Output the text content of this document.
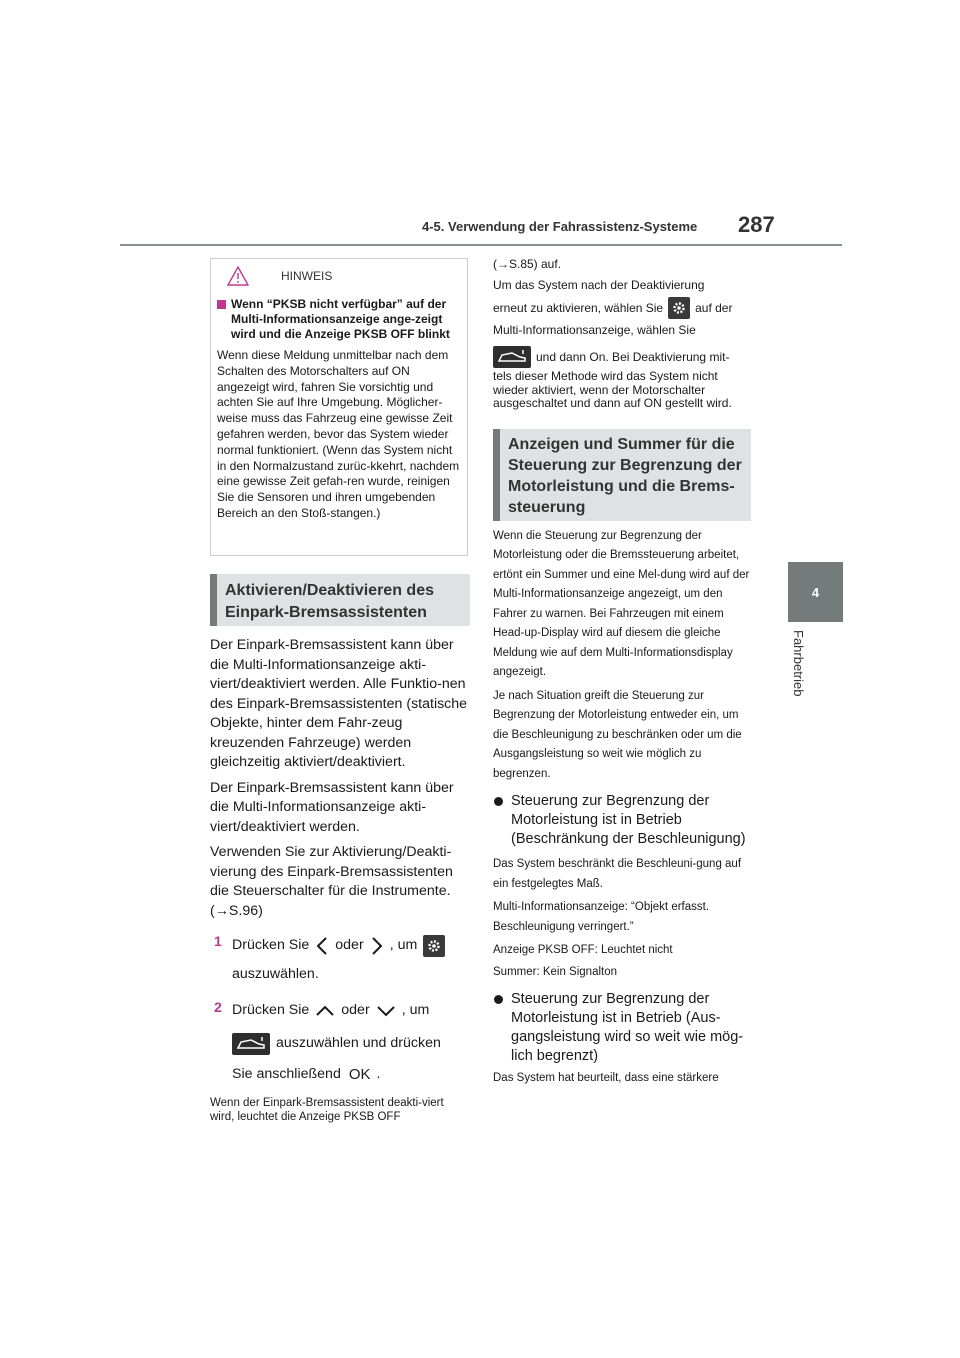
4-5. Verwendung der Fahrassistenz-Systeme 287
4
Fahrbetrieb
HINWEIS
Wenn “PKSB nicht verfügbar” auf der Multi-Informationsanzeige ange-zeigt wird und die Anzeige PKSB OFF blinkt
Wenn diese Meldung unmittelbar nach dem Schalten des Motorschalters auf ON angezeigt wird, fahren Sie vorsichtig und achten Sie auf Ihre Umgebung. Möglicher-weise muss das Fahrzeug eine gewisse Zeit gefahren werden, bevor das System wieder normal funktioniert. (Wenn das System nicht in den Normalzustand zurüc-kkehrt, nachdem eine gewisse Zeit gefah-ren wurde, reinigen Sie die Sensoren und ihren umgebenden Bereich an den Stoß-stangen.)
Aktivieren/Deaktivieren des Einpark-Bremsassistenten

Der Einpark-Bremsassistent kann über die Multi-Informationsanzeige akti-viert/deaktiviert werden. Alle Funktio-nen des Einpark-Bremsassistenten (statische Objekte, hinter dem Fahr-zeug kreuzenden Fahrzeuge) werden gleichzeitig aktiviert/deaktiviert.

Der Einpark-Bremsassistent kann über die Multi-Informationsanzeige akti-viert/deaktiviert werden.

Verwenden Sie zur Aktivierung/Deakti-vierung des Einpark-Bremsassistenten die Steuerschalter für die Instrumente. (→S.96)

1 Drücken Sie oder , um
auszuwählen.
2 Drücken Sie oder , um
auszuwählen und drücken
Sie anschließend OK .
Wenn der Einpark-Bremsassistent deakti-viert wird, leuchtet die Anzeige PKSB OFF
(→S.85) auf.
Um das System nach der Deaktivierung
erneut zu aktivieren, wählen Sie	auf der
Multi-Informationsanzeige, wählen Sie
und dann On. Bei Deaktivierung mit-
tels dieser Methode wird das System nicht wieder aktiviert, wenn der Motorschalter ausgeschaltet und dann auf ON gestellt wird.
Anzeigen und Summer für die Steuerung zur Begrenzung der Motorleistung und die Brems-steuerung
Wenn die Steuerung zur Begrenzung der Motorleistung oder die Bremssteuerung arbeitet, ertönt ein Summer und eine Mel-dung wird auf der Multi-Informationsanzeige angezeigt, um den Fahrer zu warnen. Bei Fahrzeugen mit einem Head-up-Display wird auf diesem die gleiche Meldung wie auf dem Multi-Informationsdisplay angezeigt.
Je nach Situation greift die Steuerung zur Begrenzung der Motorleistung entweder ein, um die Beschleunigung zu beschränken oder um die Ausgangsleistung so weit wie möglich zu begrenzen.
Steuerung zur Begrenzung der Motorleistung ist in Betrieb (Beschränkung der Beschleunigung)
Das System beschränkt die Beschleuni-gung auf ein festgelegtes Maß.
Multi-Informationsanzeige: “Objekt erfasst. Beschleunigung verringert.”
Anzeige PKSB OFF: Leuchtet nicht
Summer: Kein Signalton
Steuerung zur Begrenzung der Motorleistung ist in Betrieb (Aus-gangsleistung wird so weit wie mög-lich begrenzt)
Das System hat beurteilt, dass eine stärkere
